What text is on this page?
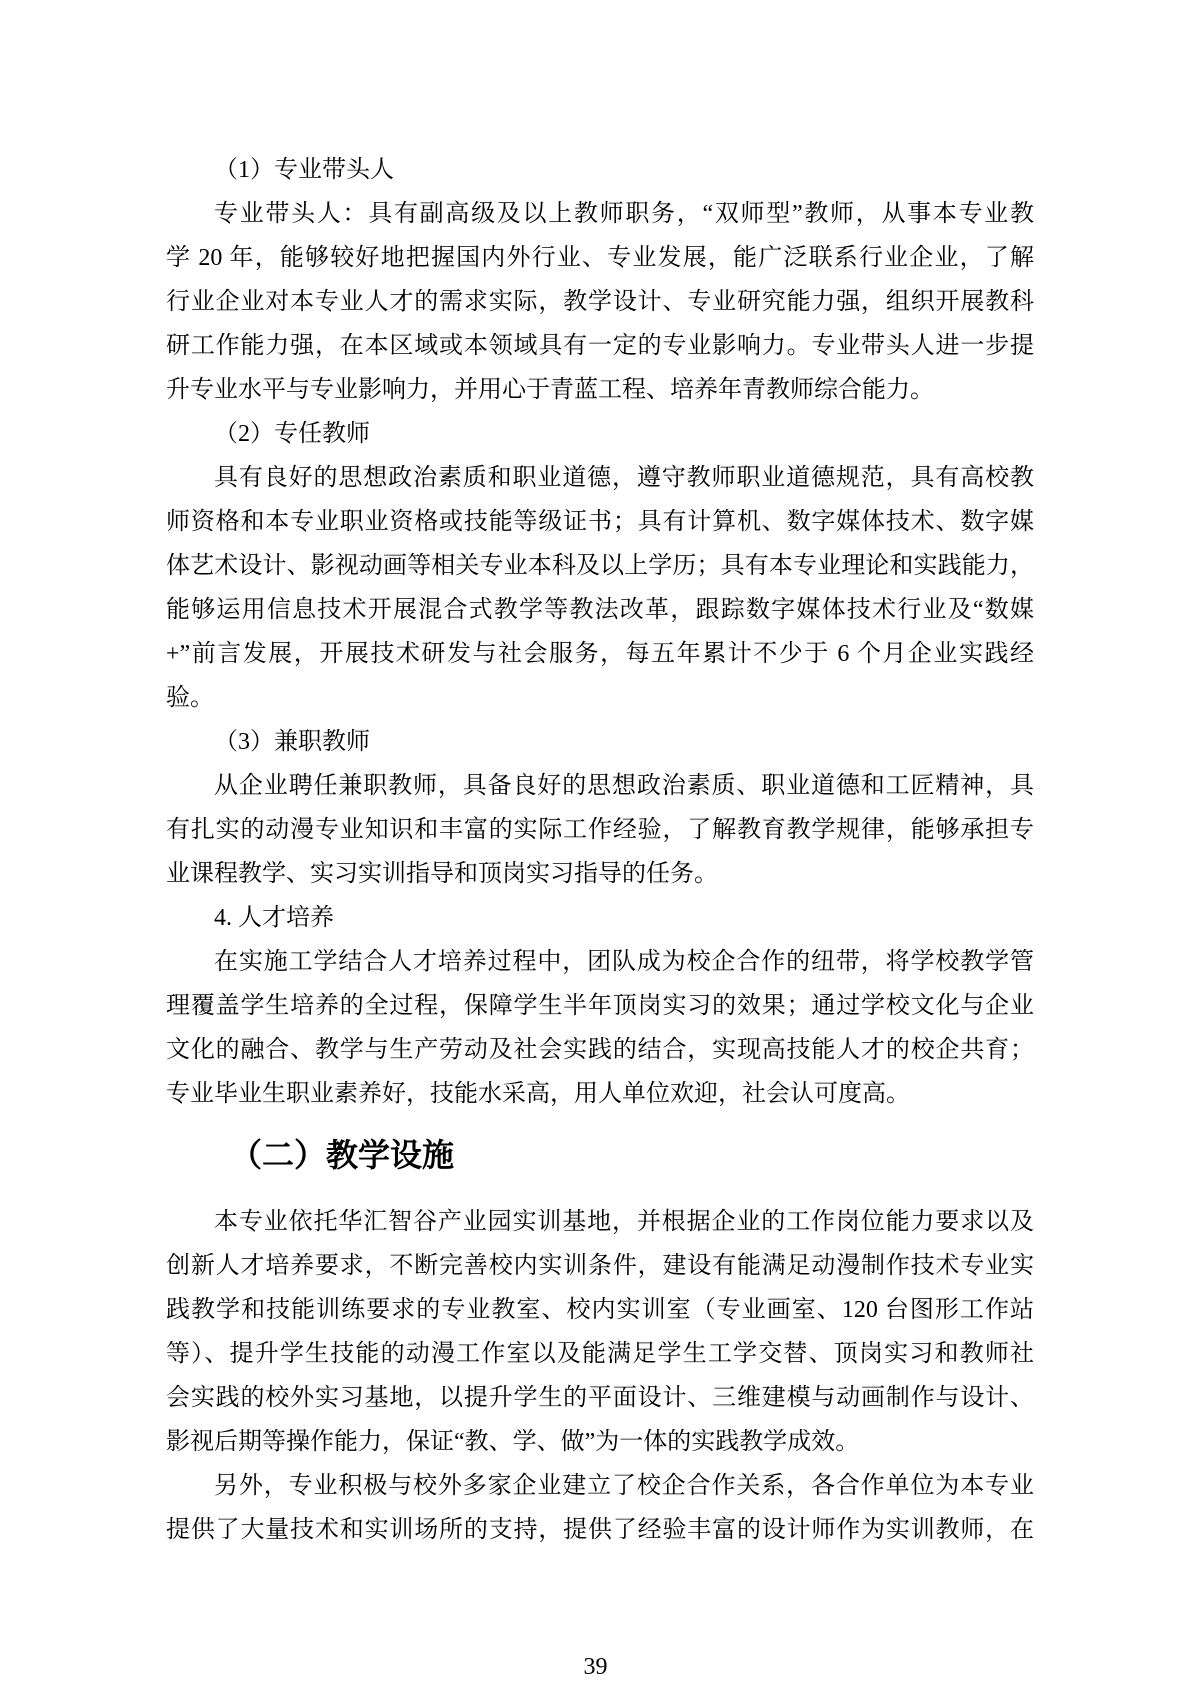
（1）专业带头人
专业带头人：具有副高级及以上教师职务，“双师型”教师，从事本专业教
学 20 年，能够较好地把握国内外行业、专业发展，能广泛联系行业企业，了解
行业企业对本专业人才的需求实际，教学设计、专业研究能力强，组织开展教科
研工作能力强，在本区域或本领域具有一定的专业影响力。专业带头人进一步提
升专业水平与专业影响力，并用心于青蓝工程、培养年青教师综合能力。
（2）专任教师
具有良好的思想政治素质和职业道德，遵守教师职业道德规范，具有高校教
师资格和本专业职业资格或技能等级证书；具有计算机、数字媒体技术、数字媒
体艺术设计、影视动画等相关专业本科及以上学历；具有本专业理论和实践能力，
能够运用信息技术开展混合式教学等教法改革，跟踪数字媒体技术行业及“数媒
+”前言发展，开展技术研发与社会服务，每五年累计不少于 6 个月企业实践经
验。
（3）兼职教师
从企业聘任兼职教师，具备良好的思想政治素质、职业道德和工匠精神，具
有扎实的动漫专业知识和丰富的实际工作经验，了解教育教学规律，能够承担专
业课程教学、实习实训指导和顶岗实习指导的任务。
4. 人才培养
在实施工学结合人才培养过程中，团队成为校企合作的纽带，将学校教学管
理覆盖学生培养的全过程，保障学生半年顶岗实习的效果；通过学校文化与企业
文化的融合、教学与生产劳动及社会实践的结合，实现高技能人才的校企共育；
专业毕业生职业素养好，技能水采高，用人单位欢迎，社会认可度高。
（二）教学设施
本专业依托华汇智谷产业园实训基地，并根据企业的工作岗位能力要求以及
创新人才培养要求，不断完善校内实训条件，建设有能满足动漫制作技术专业实
践教学和技能训练要求的专业教室、校内实训室（专业画室、120 台图形工作站
等）、提升学生技能的动漫工作室以及能满足学生工学交替、顶岗实习和教师社
会实践的校外实习基地，以提升学生的平面设计、三维建模与动画制作与设计、
影视后期等操作能力，保证“教、学、做”为一体的实践教学成效。
另外，专业积极与校外多家企业建立了校企合作关系，各合作单位为本专业
提供了大量技术和实训场所的支持，提供了经验丰富的设计师作为实训教师，在
39
